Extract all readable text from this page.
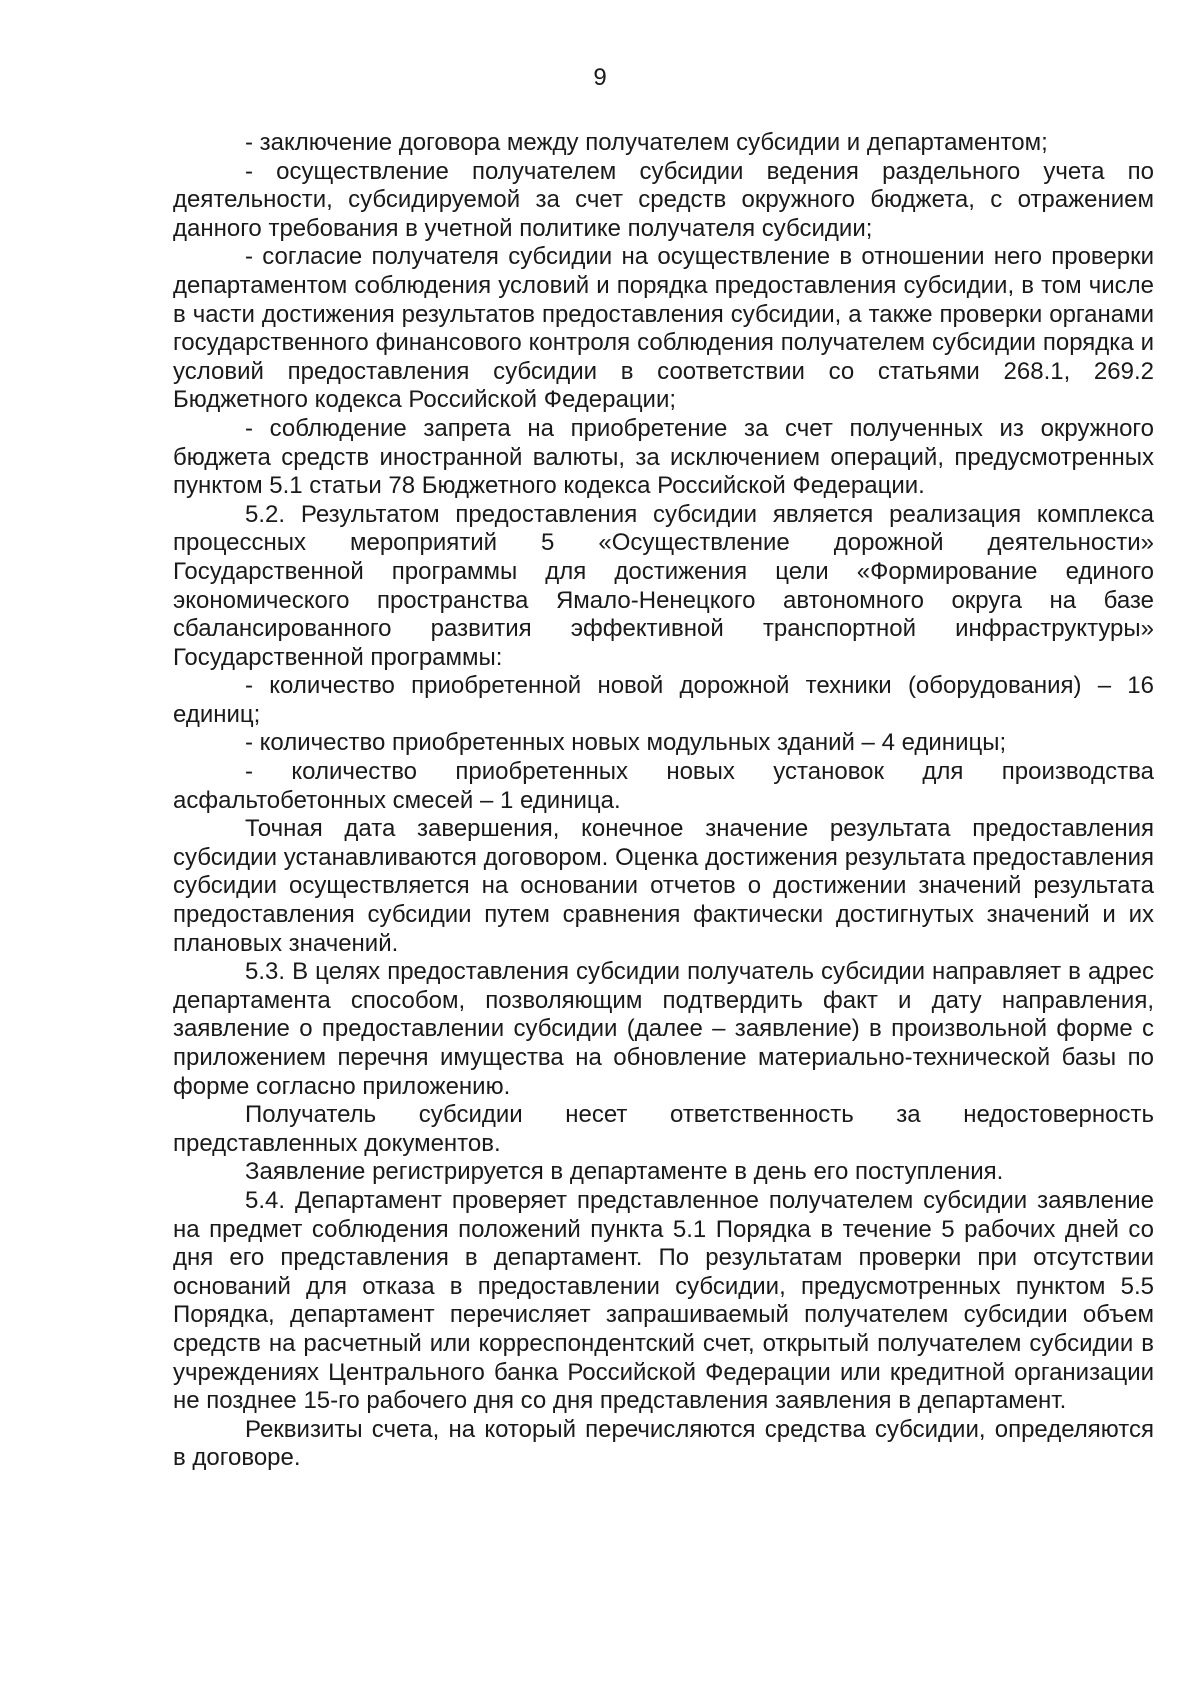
9

- заключение договора между получателем субсидии и департаментом;

- осуществление получателем субсидии ведения раздельного учета по деятельности, субсидируемой за счет средств окружного бюджета, с отражением данного требования в учетной политике получателя субсидии;

- согласие получателя субсидии на осуществление в отношении него проверки департаментом соблюдения условий и порядка предоставления субсидии, в том числе в части достижения результатов предоставления субсидии, а также проверки органами государственного финансового контроля соблюдения получателем субсидии порядка и условий предоставления субсидии в соответствии со статьями 268.1, 269.2 Бюджетного кодекса Российской Федерации;

- соблюдение запрета на приобретение за счет полученных из окружного бюджета средств иностранной валюты, за исключением операций, предусмотренных пунктом 5.1 статьи 78 Бюджетного кодекса Российской Федерации.

5.2. Результатом предоставления субсидии является реализация комплекса процессных мероприятий 5 «Осуществление дорожной деятельности» Государственной программы для достижения цели «Формирование единого экономического пространства Ямало-Ненецкого автономного округа на базе сбалансированного развития эффективной транспортной инфраструктуры» Государственной программы:

- количество приобретенной новой дорожной техники (оборудования) – 16 единиц;

- количество приобретенных новых модульных зданий – 4 единицы;

- количество приобретенных новых установок для производства асфальтобетонных смесей – 1 единица.

Точная дата завершения, конечное значение результата предоставления субсидии устанавливаются договором. Оценка достижения результата предоставления субсидии осуществляется на основании отчетов о достижении значений результата предоставления субсидии путем сравнения фактически достигнутых значений и их плановых значений.

5.3. В целях предоставления субсидии получатель субсидии направляет в адрес департамента способом, позволяющим подтвердить факт и дату направления, заявление о предоставлении субсидии (далее – заявление) в произвольной форме с приложением перечня имущества на обновление материально-технической базы по форме согласно приложению.

Получатель субсидии несет ответственность за недостоверность представленных документов.

Заявление регистрируется в департаменте в день его поступления.

5.4. Департамент проверяет представленное получателем субсидии заявление на предмет соблюдения положений пункта 5.1 Порядка в течение 5 рабочих дней со дня его представления в департамент. По результатам проверки при отсутствии оснований для отказа в предоставлении субсидии, предусмотренных пунктом 5.5 Порядка, департамент перечисляет запрашиваемый получателем субсидии объем средств на расчетный или корреспондентский счет, открытый получателем субсидии в учреждениях Центрального банка Российской Федерации или кредитной организации не позднее 15-го рабочего дня со дня представления заявления в департамент.

Реквизиты счета, на который перечисляются средства субсидии, определяются в договоре.
